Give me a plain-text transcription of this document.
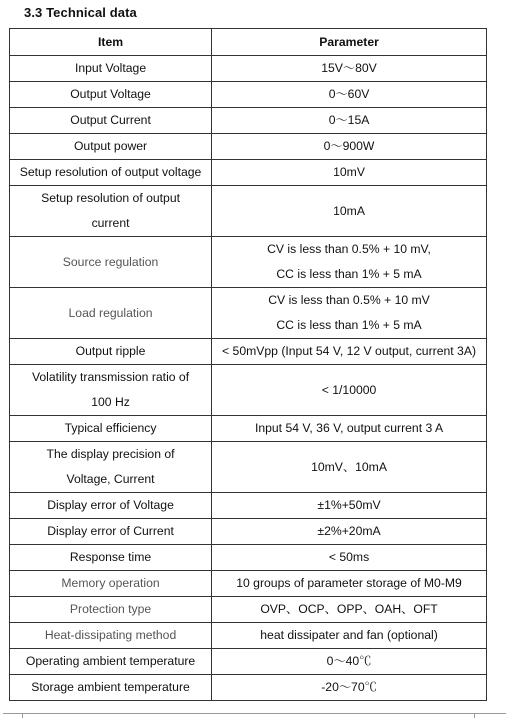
3.3 Technical data
Item	Parameter
Input Voltage	15V～80V
Output Voltage	0～60V
Output Current	0～15A
Output power	0～900W
Setup resolution of output voltage	10mV

Setup resolution of output
current	10mA
Source regulation	CV is less than 0.5% + 10 mV,
CC is less than 1% + 5 mA

Load regulation	CV is less than 0.5% + 10 mV
CC is less than 1% + 5 mA

Output ripple	< 50mVpp (Input 54 V, 12 V output, current 3A)

Volatility transmission ratio of
100 Hz	< 1/10000
Typical efficiency	Input 54 V, 36 V, output current 3 A

The display precision of
Voltage, Current	10mV、10mA
Display error of Voltage	±1%+50mV
Display error of Current	±2%+20mA
Response time	< 50ms
Memory operation	10 groups of parameter storage of M0-M9
Protection type	OVP、OCP、OPP、OAH、OFT
Heat-dissipating method	heat dissipater and fan (optional)
Operating ambient temperature	0～40℃
Storage ambient temperature	-20～70℃
